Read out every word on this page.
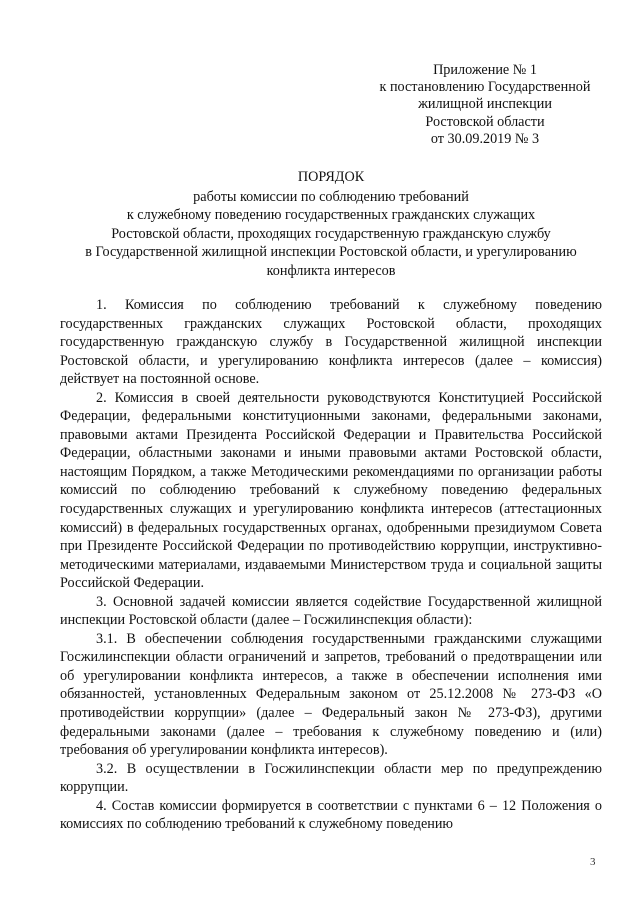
Приложение № 1
к постановлению Государственной
жилищной инспекции
Ростовской области
от 30.09.2019 № 3
ПОРЯДОК
работы комиссии по соблюдению требований
к служебному поведению государственных гражданских служащих
Ростовской области, проходящих государственную гражданскую службу
в Государственной жилищной инспекции Ростовской области, и урегулированию
конфликта интересов

1. Комиссия по соблюдению требований к служебному поведению государственных гражданских служащих Ростовской области, проходящих государственную гражданскую службу в Государственной жилищной инспекции Ростовской области, и урегулированию конфликта интересов (далее – комиссия) действует на постоянной основе.

2. Комиссия в своей деятельности руководствуются Конституцией Российской Федерации, федеральными конституционными законами, федеральными законами, правовыми актами Президента Российской Федерации и Правительства Российской Федерации, областными законами и иными правовыми актами Ростовской области, настоящим Порядком, а также Методическими рекомендациями по организации работы комиссий по соблюдению требований к служебному поведению федеральных государственных служащих и урегулированию конфликта интересов (аттестационных комиссий) в федеральных государственных органах, одобренными президиумом Совета при Президенте Российской Федерации по противодействию коррупции, инструктивно-методическими материалами, издаваемыми Министерством труда и социальной защиты Российской Федерации.

3. Основной задачей комиссии является содействие Государственной жилищной инспекции Ростовской области (далее – Госжилинспекция области):

3.1. В обеспечении соблюдения государственными гражданскими служащими Госжилинспекции области ограничений и запретов, требований о предотвращении или об урегулировании конфликта интересов, а также в обеспечении исполнения ими обязанностей, установленных Федеральным законом от 25.12.2008 № 273-ФЗ «О противодействии коррупции» (далее – Федеральный закон № 273-ФЗ), другими федеральными законами (далее – требования к служебному поведению и (или) требования об урегулировании конфликта интересов).

3.2. В осуществлении в Госжилинспекции области мер по предупреждению коррупции.

4. Состав комиссии формируется в соответствии с пунктами 6 – 12 Положения о комиссиях по соблюдению требований к служебному поведению

3
